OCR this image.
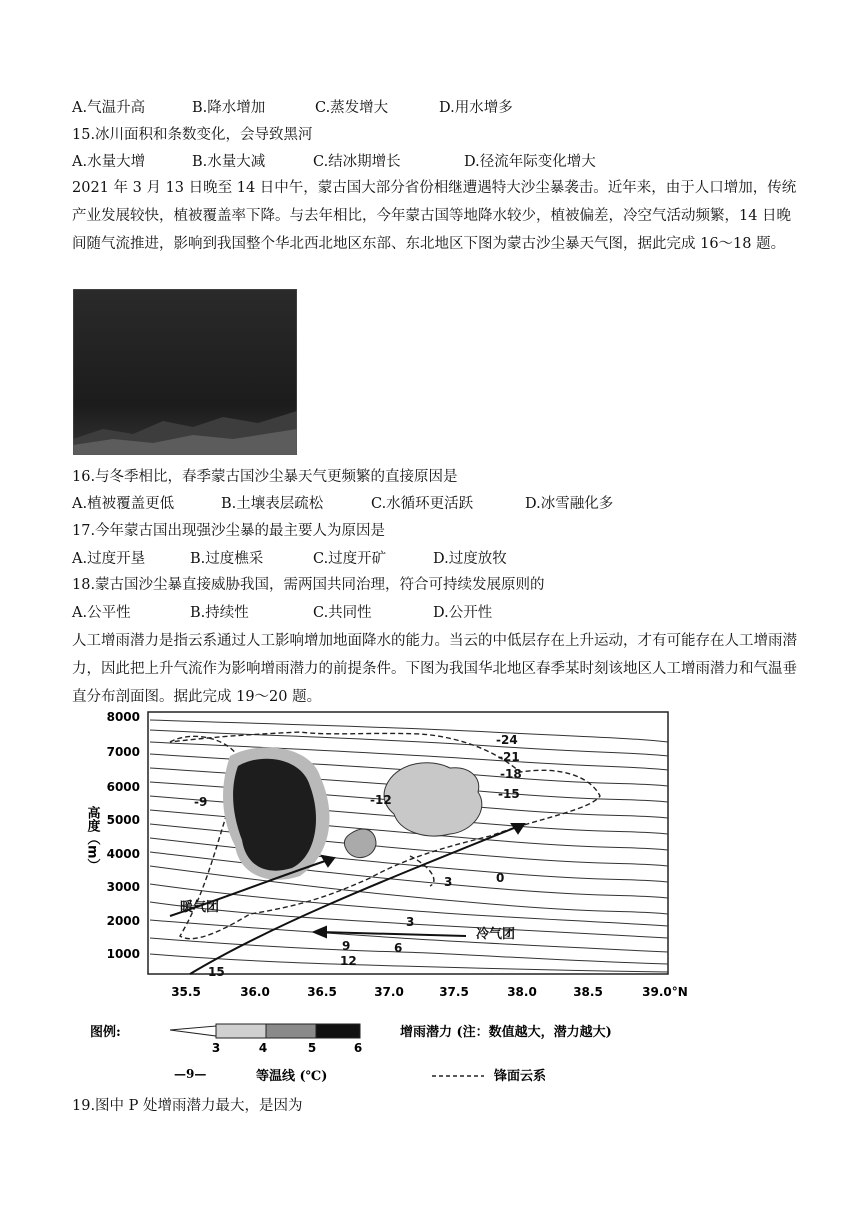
A.气温升高	B.降水增加	C.蒸发增大	D.用水增多
15.冰川面积和条数变化，会导致黑河
A.水量大增	B.水量大减	C.结冰期增长	D.径流年际变化增大
2021 年 3 月 13 日晚至 14 日中午，蒙古国大部分省份相继遭遇特大沙尘暴袭击。近年来，由于人口增加，传统产业发展较快，植被覆盖率下降。与去年相比，今年蒙古国等地降水较少，植被偏差，冷空气活动频繁，14 日晚间随气流推进，影响到我国整个华北西北地区东部、东北地区下图为蒙古沙尘暴天气图，据此完成 16～18 题。
16.与冬季相比，春季蒙古国沙尘暴天气更频繁的直接原因是
A.植被覆盖更低	B.土壤表层疏松	C.水循环更活跃	D.冰雪融化多
17.今年蒙古国出现强沙尘暴的最主要人为原因是
A.过度开垦	B.过度樵采	C.过度开矿	D.过度放牧
18.蒙古国沙尘暴直接威胁我国，需两国共同治理，符合可持续发展原则的
A.公平性	B.持续性	C.共同性	D.公开性
人工增雨潜力是指云系通过人工影响增加地面降水的能力。当云的中低层存在上升运动，才有可能存在人工增雨潜力，因此把上升气流作为影响增雨潜力的前提条件。下图为我国华北地区春季某时刻该地区人工增雨潜力和气温垂直分布剖面图。据此完成 19～20 题。
高度（m）
8000
7000
6000
5000
4000
3000
2000
1000
35.5	36.0	36.5	37.0	37.5	38.0	38.5	39.0°N
-24
-21
-18
-15
-12
-9
3	0
3
6
9
12
15
暖气团
冷气团
图例:
3	4	5	6
增雨潜力 (注：数值越大，潜力越大)
—9—	等温线 (℃)	锋面云系
19.图中 P 处增雨潜力最大，是因为
